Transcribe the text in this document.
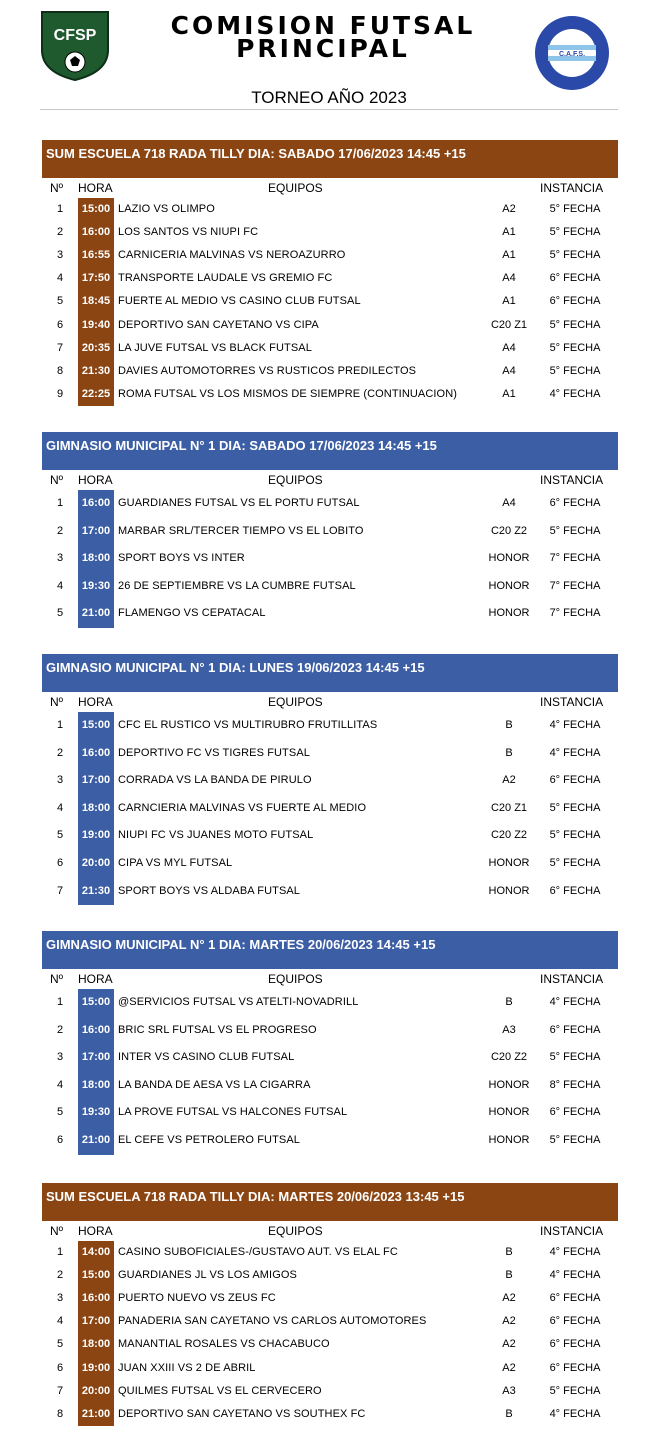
CFSP	COMISION FUTSAL
PRINCIPAL	C.A.F.S.
TORNEO AÑO 2023
SUM ESCUELA 718 RADA TILLY DIA: SABADO 17/06/2023 14:45 +15
Nº HORA	EQUIPOS	INSTANCIA
1	15:00 LAZIO VS OLIMPO	A2	5° FECHA
2	16:00 LOS SANTOS VS NIUPI FC	A1	5° FECHA
3	16:55 CARNICERIA MALVINAS VS NEROAZURRO	A1	5° FECHA
4	17:50 TRANSPORTE LAUDALE VS GREMIO FC	A4	6° FECHA
5	18:45 FUERTE AL MEDIO VS CASINO CLUB FUTSAL	A1	6° FECHA
6	19:40 DEPORTIVO SAN CAYETANO VS CIPA	C20 Z1	5° FECHA
7	20:35 LA JUVE FUTSAL VS BLACK FUTSAL	A4	5° FECHA
8	21:30 DAVIES AUTOMOTORRES VS RUSTICOS PREDILECTOS	A4	5° FECHA
9	22:25 ROMA FUTSAL VS LOS MISMOS DE SIEMPRE (CONTINUACION)	A1	4° FECHA
GIMNASIO MUNICIPAL N° 1 DIA: SABADO 17/06/2023 14:45 +15
Nº HORA	EQUIPOS	INSTANCIA
1	16:00 GUARDIANES FUTSAL VS EL PORTU FUTSAL	A4	6° FECHA
2	17:00 MARBAR SRL/TERCER TIEMPO VS EL LOBITO	C20 Z2	5° FECHA
3	18:00 SPORT BOYS VS INTER	HONOR	7° FECHA
4	19:30 26 DE SEPTIEMBRE VS LA CUMBRE FUTSAL	HONOR	7° FECHA
5	21:00 FLAMENGO VS CEPATACAL	HONOR	7° FECHA
GIMNASIO MUNICIPAL N° 1 DIA: LUNES 19/06/2023 14:45 +15
Nº HORA	EQUIPOS	INSTANCIA
1	15:00 CFC EL RUSTICO VS MULTIRUBRO FRUTILLITAS	B	4° FECHA
2	16:00 DEPORTIVO FC VS TIGRES FUTSAL	B	4° FECHA
3	17:00 CORRADA VS LA BANDA DE PIRULO	A2	6° FECHA
4	18:00 CARNCIERIA MALVINAS VS FUERTE AL MEDIO	C20 Z1	5° FECHA
5	19:00 NIUPI FC VS JUANES MOTO FUTSAL	C20 Z2	5° FECHA
6	20:00 CIPA VS MYL FUTSAL	HONOR	5° FECHA
7	21:30 SPORT BOYS VS ALDABA FUTSAL	HONOR	6° FECHA
GIMNASIO MUNICIPAL N° 1 DIA: MARTES 20/06/2023 14:45 +15
Nº HORA	EQUIPOS	INSTANCIA
1	15:00 @SERVICIOS FUTSAL VS ATELTI-NOVADRILL	B	4° FECHA
2	16:00 BRIC SRL FUTSAL VS EL PROGRESO	A3	6° FECHA
3	17:00 INTER VS CASINO CLUB FUTSAL	C20 Z2	5° FECHA
4	18:00 LA BANDA DE AESA VS LA CIGARRA	HONOR	8° FECHA
5	19:30 LA PROVE FUTSAL VS HALCONES FUTSAL	HONOR	6° FECHA
6	21:00 EL CEFE VS PETROLERO FUTSAL	HONOR	5° FECHA
SUM ESCUELA 718 RADA TILLY DIA: MARTES 20/06/2023 13:45 +15
Nº HORA	EQUIPOS	INSTANCIA
1	14:00 CASINO SUBOFICIALES-/GUSTAVO AUT. VS ELAL FC	B	4° FECHA
2	15:00 GUARDIANES JL VS LOS AMIGOS	B	4° FECHA
3	16:00 PUERTO NUEVO VS ZEUS FC	A2	6° FECHA
4	17:00 PANADERIA SAN CAYETANO VS CARLOS AUTOMOTORES	A2	6° FECHA
5	18:00 MANANTIAL ROSALES VS CHACABUCO	A2	6° FECHA
6	19:00 JUAN XXIII VS 2 DE ABRIL	A2	6° FECHA
7	20:00 QUILMES FUTSAL VS EL CERVECERO	A3	5° FECHA
8	21:00 DEPORTIVO SAN CAYETANO VS SOUTHEX FC	B	4° FECHA
